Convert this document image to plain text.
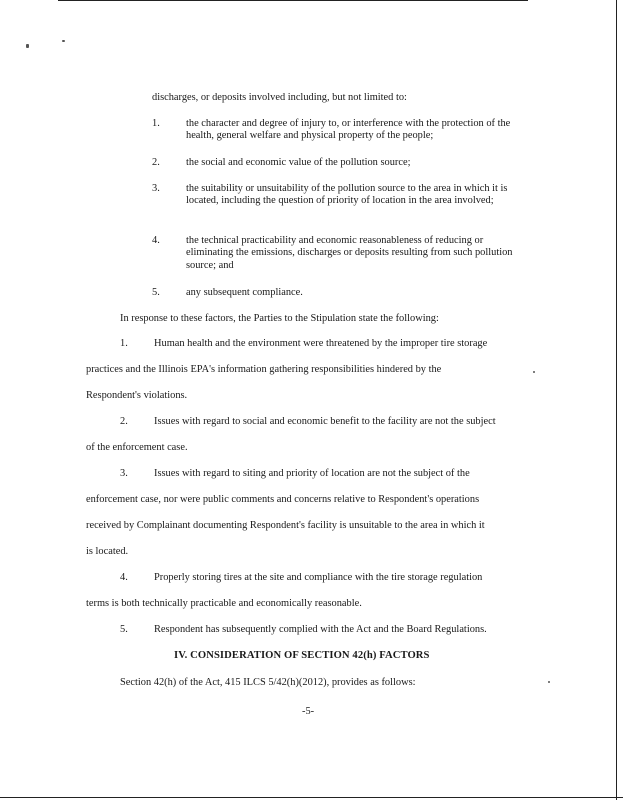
discharges, or deposits involved including, but not limited to:
1.	the character and degree of injury to, or interference with the protection of the health, general welfare and physical property of the people;
2.	the social and economic value of the pollution source;
3.	the suitability or unsuitability of the pollution source to the area in which it is located, including the question of priority of location in the area involved;
4.	the technical practicability and economic reasonableness of reducing or eliminating the emissions, discharges or deposits resulting from such pollution source; and
5.	any subsequent compliance.
In response to these factors, the Parties to the Stipulation state the following:
1.	Human health and the environment were threatened by the improper tire storage
practices and the Illinois EPA's information gathering responsibilities hindered by the
Respondent's violations.
2.	Issues with regard to social and economic benefit to the facility are not the subject
of the enforcement case.
3.	Issues with regard to siting and priority of location are not the subject of the
enforcement case, nor were public comments and concerns relative to Respondent's operations
received by Complainant documenting Respondent's facility is unsuitable to the area in which it
is located.
4.	Properly storing tires at the site and compliance with the tire storage regulation
terms is both technically practicable and economically reasonable.
5.	Respondent has subsequently complied with the Act and the Board Regulations.
IV. CONSIDERATION OF SECTION 42(h) FACTORS
Section 42(h) of the Act, 415 ILCS 5/42(h)(2012), provides as follows:
-5-
